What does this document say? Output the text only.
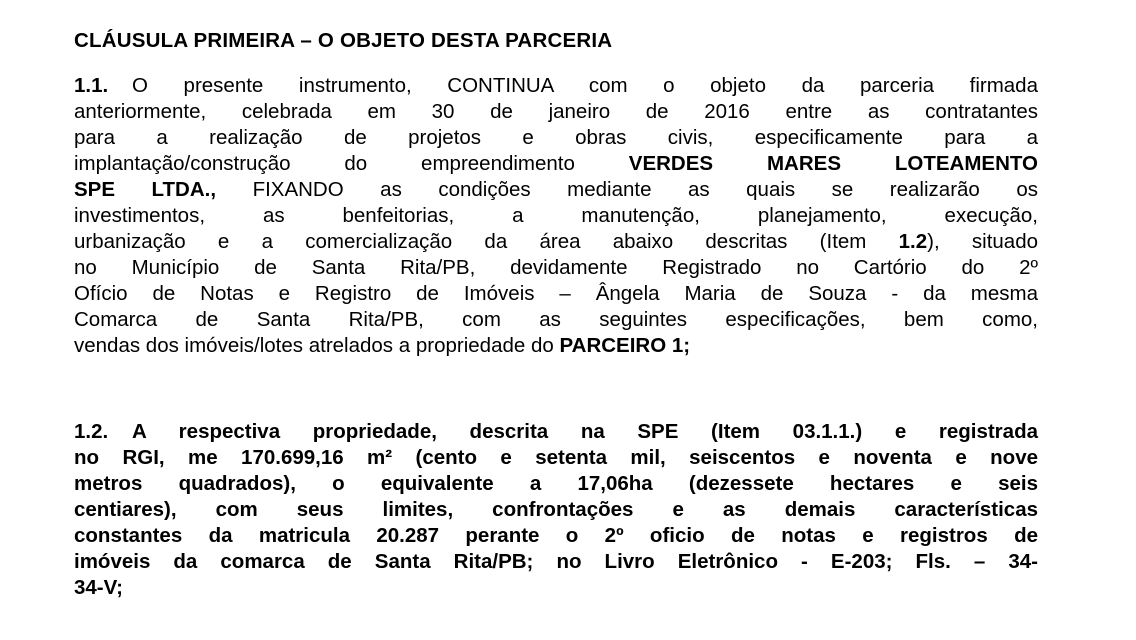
CLÁUSULA PRIMEIRA – O OBJETO DESTA PARCERIA
1.1. O presente instrumento, CONTINUA com o objeto da parceria firmada
anteriormente, celebrada em 30 de janeiro de 2016 entre as contratantes
para a realização de projetos e obras civis, especificamente para a
implantação/construção do empreendimento	VERDES MARES LOTEAMENTO
SPE LTDA., FIXANDO as condições mediante as quais se realizarão os
investimentos, as benfeitorias, a manutenção, planejamento, execução,
urbanização e a comercialização da área abaixo descritas (Item 1.2), situado
no Município de Santa Rita/PB, devidamente Registrado no Cartório do 2º
Ofício de Notas e Registro de Imóveis – Ângela Maria de Souza - da mesma
Comarca de Santa Rita/PB, com as seguintes especificações, bem como,
vendas dos imóveis/lotes atrelados a propriedade do PARCEIRO 1;
1.2. A respectiva propriedade, descrita na SPE (Item 03.1.1.) e registrada
no RGI, me 170.699,16 m² (cento e setenta mil, seiscentos e noventa e nove
metros quadrados), o equivalente a 17,06ha (dezessete hectares e seis
centiares), com seus limites, confrontações e as demais características
constantes da matricula 20.287 perante o 2º oficio de notas e registros de
imóveis da comarca de Santa Rita/PB; no Livro Eletrônico - E-203; Fls. – 34-
34-V;
